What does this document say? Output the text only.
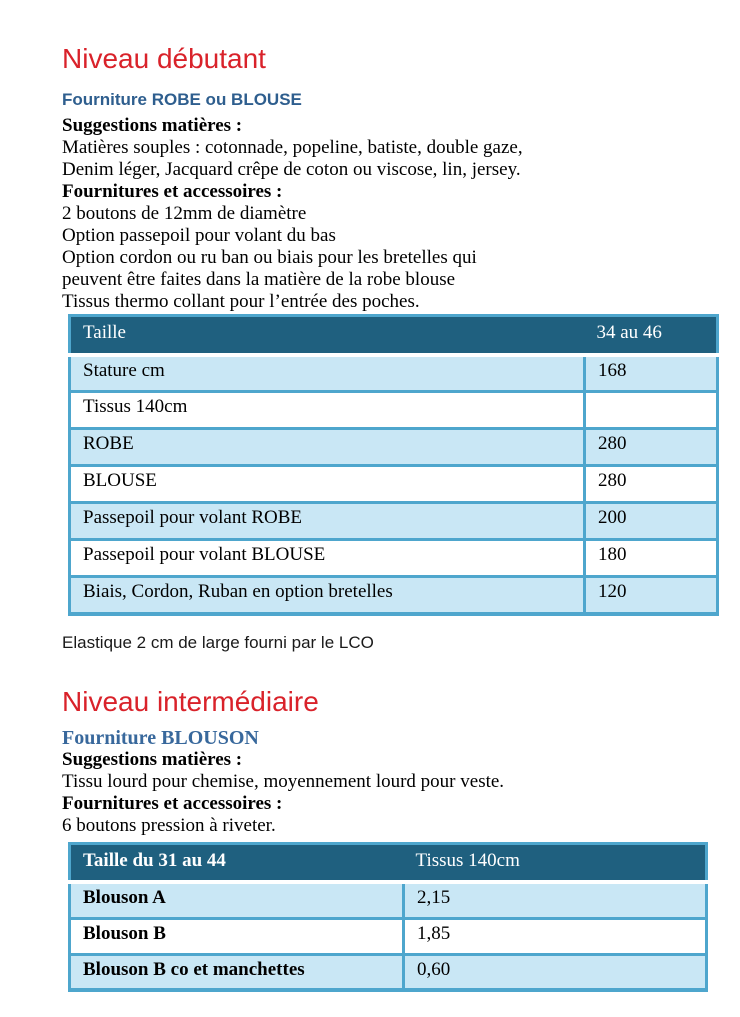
Niveau débutant
Fourniture ROBE ou BLOUSE
Suggestions matières :
Matières souples : cotonnade, popeline, batiste, double gaze,
Denim léger, Jacquard crêpe de coton ou viscose, lin, jersey.
Fournitures et accessoires :
2 boutons de 12mm de diamètre
Option passepoil pour volant du bas
Option cordon ou ru ban ou biais pour les bretelles qui
peuvent être faites dans la matière de la robe blouse
Tissus thermo collant pour l’entrée des poches.
Taille	34 au 46
Stature cm	168
Tissus 140cm	
ROBE	280
BLOUSE	280
Passepoil pour volant ROBE	200
Passepoil pour volant BLOUSE	180
Biais, Cordon, Ruban en option bretelles	120
Elastique 2 cm de large fourni par le LCO
Niveau intermédiaire
Fourniture BLOUSON
Suggestions matières :
Tissu lourd pour chemise, moyennement lourd pour veste.
Fournitures et accessoires :
6 boutons pression à riveter.
Taille du 31 au 44	Tissus 140cm
Blouson A	2,15
Blouson B	1,85
Blouson B co et manchettes	0,60
